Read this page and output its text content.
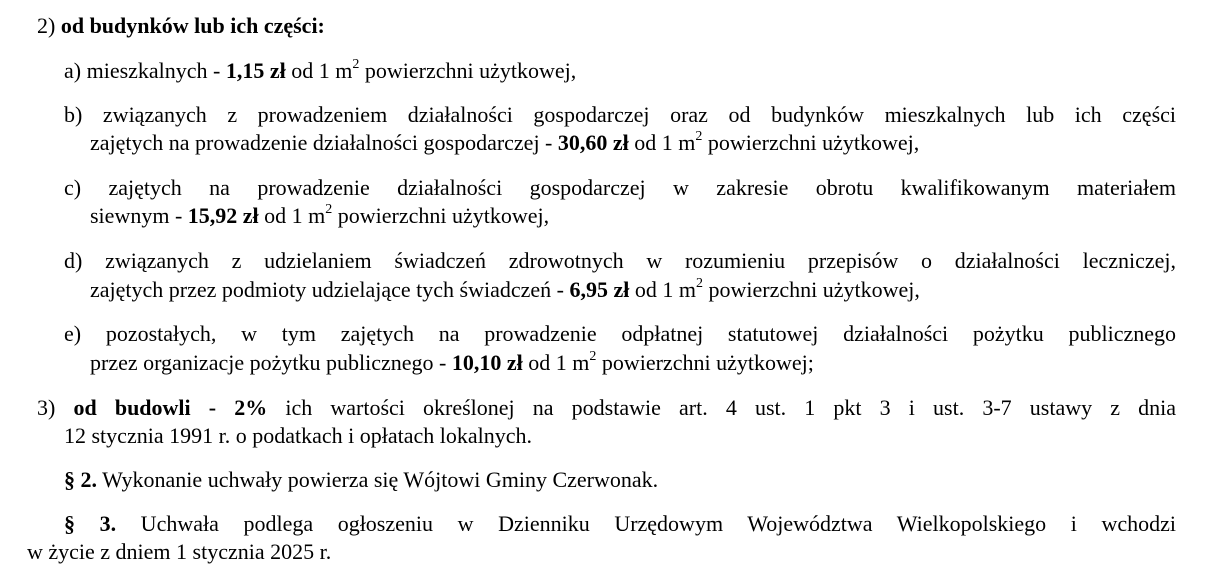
2) od budynków lub ich części:
a) mieszkalnych - 1,15 zł od 1 $m^2$ powierzchni użytkowej,
b) związanych z prowadzeniem działalności gospodarczej oraz od budynków mieszkalnych lub ich części
zajętych na prowadzenie działalności gospodarczej - 30,60 zł od 1 $m^2$ powierzchni użytkowej,
c) zajętych na prowadzenie działalności gospodarczej w zakresie obrotu kwalifikowanym materiałem
siewnym - 15,92 zł od 1 $m^2$ powierzchni użytkowej,
d) związanych z udzielaniem świadczeń zdrowotnych w rozumieniu przepisów o działalności leczniczej,
zajętych przez podmioty udzielające tych świadczeń - 6,95 zł od 1 $m^2$ powierzchni użytkowej,
e) pozostałych, w tym zajętych na prowadzenie odpłatnej statutowej działalności pożytku publicznego
przez organizacje pożytku publicznego - 10,10 zł od 1 $m^2$ powierzchni użytkowej;
3) od budowli - 2% ich wartości określonej na podstawie art. 4 ust. 1 pkt 3 i ust. 3-7 ustawy z dnia
12 stycznia 1991 r. o podatkach i opłatach lokalnych.
§ 2. Wykonanie uchwały powierza się Wójtowi Gminy Czerwonak.
§ 3. Uchwała podlega ogłoszeniu w Dzienniku Urzędowym Województwa Wielkopolskiego i wchodzi
w życie z dniem 1 stycznia 2025 r.
